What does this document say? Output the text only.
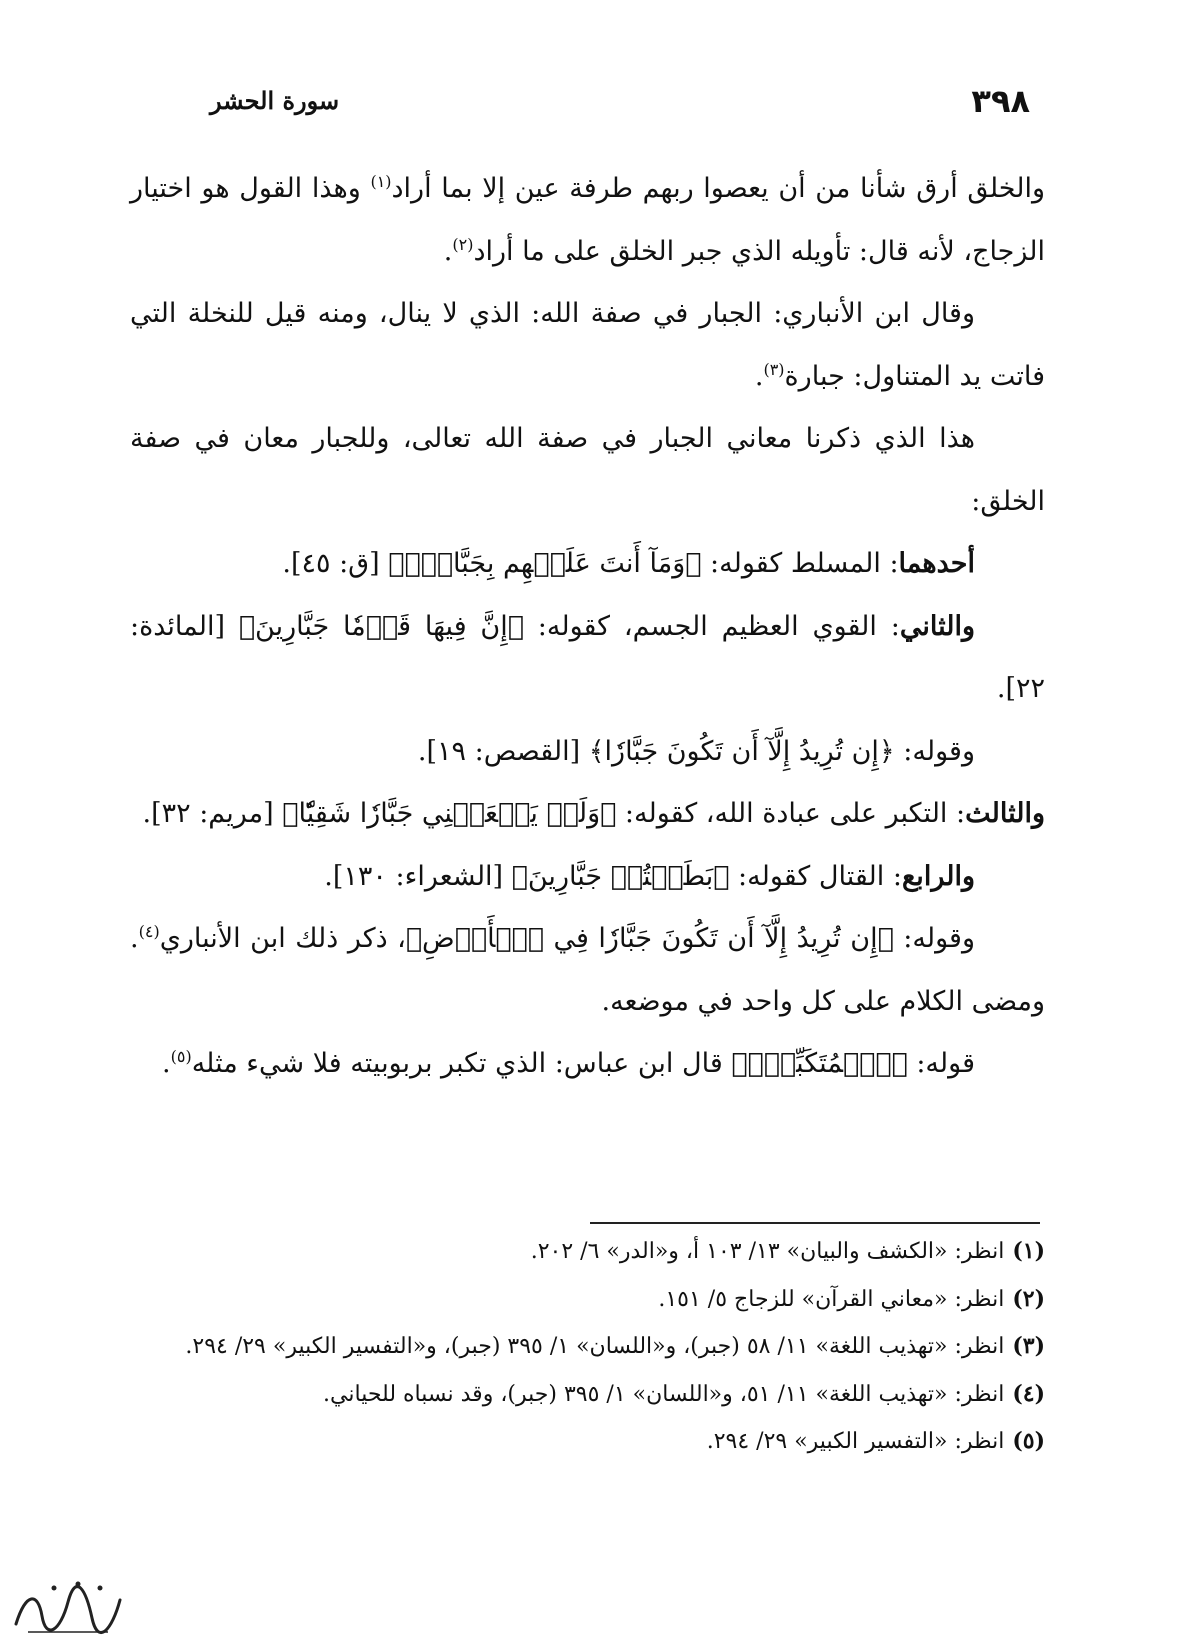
٣٩٨
سورة الحشر

والخلق أرق شأنا من أن يعصوا ربهم طرفة عين إلا بما أراد$^{(١)}$ وهذا القول هو اختيار الزجاج، لأنه قال: تأويله الذي جبر الخلق على ما أراد$^{(٢)}$.

وقال ابن الأنباري: الجبار في صفة الله: الذي لا ينال، ومنه قيل للنخلة التي فاتت يد المتناول: جبارة$^{(٣)}$.

هذا الذي ذكرنا معاني الجبار في صفة الله تعالى، وللجبار معان في صفة الخلق:

أحدهما: المسلط كقوله: ﴿وَمَآ أَنتَ عَلَيۡهِم بِجَبَّارٖۖ﴾ [ق: ٤٥].

والثاني: القوي العظيم الجسم، كقوله: ﴿إِنَّ فِيهَا قَوۡمٗا جَبَّارِينَ﴾ [المائدة: ٢٢].

وقوله: ﴿إِن تُرِيدُ إِلَّآ أَن تَكُونَ جَبَّارٗا﴾ [القصص: ١٩].

والثالث: التكبر على عبادة الله، كقوله: ﴿وَلَمۡ يَجۡعَلۡنِي جَبَّارٗا شَقِيّٗا﴾ [مريم: ٣٢].

والرابع: القتال كقوله: ﴿بَطَشۡتُمۡ جَبَّارِينَ﴾ [الشعراء: ١٣٠].

وقوله: ﴿إِن تُرِيدُ إِلَّآ أَن تَكُونَ جَبَّارٗا فِي ٱلۡأَرۡضِ﴾، ذكر ذلك ابن الأنباري$^{(٤)}$. ومضى الكلام على كل واحد في موضعه.

قوله: ﴿ٱلۡمُتَكَبِّرُۚ﴾ قال ابن عباس: الذي تكبر بربوبيته فلا شيء مثله$^{(٥)}$.

(١)انظر: «الكشف والبيان» ١٣/ ١٠٣ أ، و«الدر» ٦/ ٢٠٢.

(٢)انظر: «معاني القرآن» للزجاج ٥/ ١٥١.

(٣)انظر: «تهذيب اللغة» ١١/ ٥٨ (جبر)، و«اللسان» ١/ ٣٩٥ (جبر)، و«التفسير الكبير» ٢٩/ ٢٩٤.

(٤)انظر: «تهذيب اللغة» ١١/ ٥١، و«اللسان» ١/ ٣٩٥ (جبر)، وقد نسباه للحياني.

(٥)انظر: «التفسير الكبير» ٢٩/ ٢٩٤.
